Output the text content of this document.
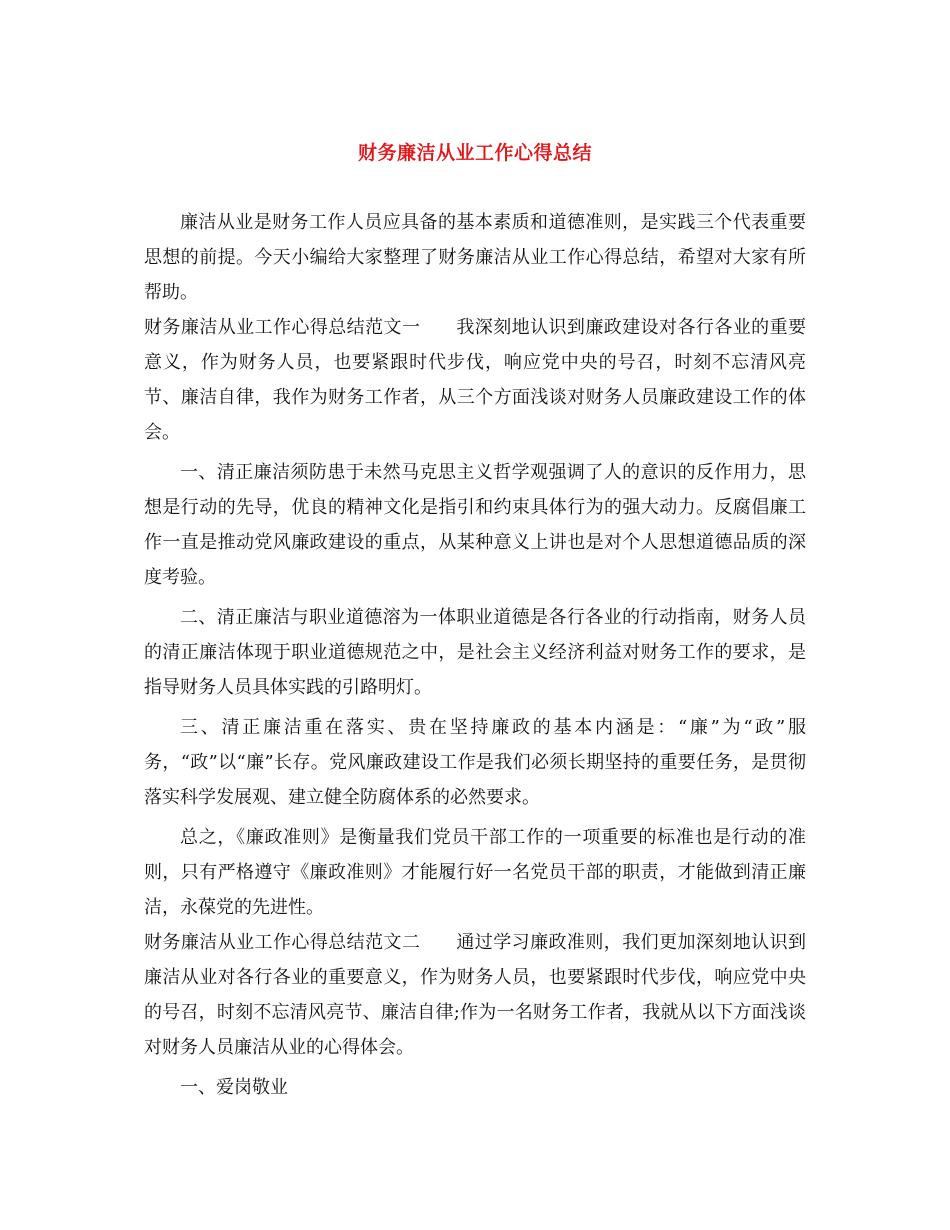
财务廉洁从业工作心得总结

廉洁从业是财务工作人员应具备的基本素质和道德准则，是实践三个代表重要思想的前提。今天小编给大家整理了财务廉洁从业工作心得总结，希望对大家有所帮助。

财务廉洁从业工作心得总结范文一 我深刻地认识到廉政建设对各行各业的重要意义，作为财务人员，也要紧跟时代步伐，响应党中央的号召，时刻不忘清风亮节、廉洁自律，我作为财务工作者，从三个方面浅谈对财务人员廉政建设工作的体会。

一、清正廉洁须防患于未然马克思主义哲学观强调了人的意识的反作用力，思想是行动的先导，优良的精神文化是指引和约束具体行为的强大动力。反腐倡廉工作一直是推动党风廉政建设的重点，从某种意义上讲也是对个人思想道德品质的深度考验。

二、清正廉洁与职业道德溶为一体职业道德是各行各业的行动指南，财务人员的清正廉洁体现于职业道德规范之中，是社会主义经济利益对财务工作的要求，是指导财务人员具体实践的引路明灯。

三、清正廉洁重在落实、贵在坚持廉政的基本内涵是：“廉”为“政”服务，“政”以“廉”长存。党风廉政建设工作是我们必须长期坚持的重要任务，是贯彻落实科学发展观、建立健全防腐体系的必然要求。

总之，《廉政准则》是衡量我们党员干部工作的一项重要的标准也是行动的准则，只有严格遵守《廉政准则》才能履行好一名党员干部的职责，才能做到清正廉洁，永葆党的先进性。

财务廉洁从业工作心得总结范文二 通过学习廉政准则，我们更加深刻地认识到廉洁从业对各行各业的重要意义，作为财务人员，也要紧跟时代步伐，响应党中央的号召，时刻不忘清风亮节、廉洁自律;作为一名财务工作者，我就从以下方面浅谈对财务人员廉洁从业的心得体会。

一、爱岗敬业
